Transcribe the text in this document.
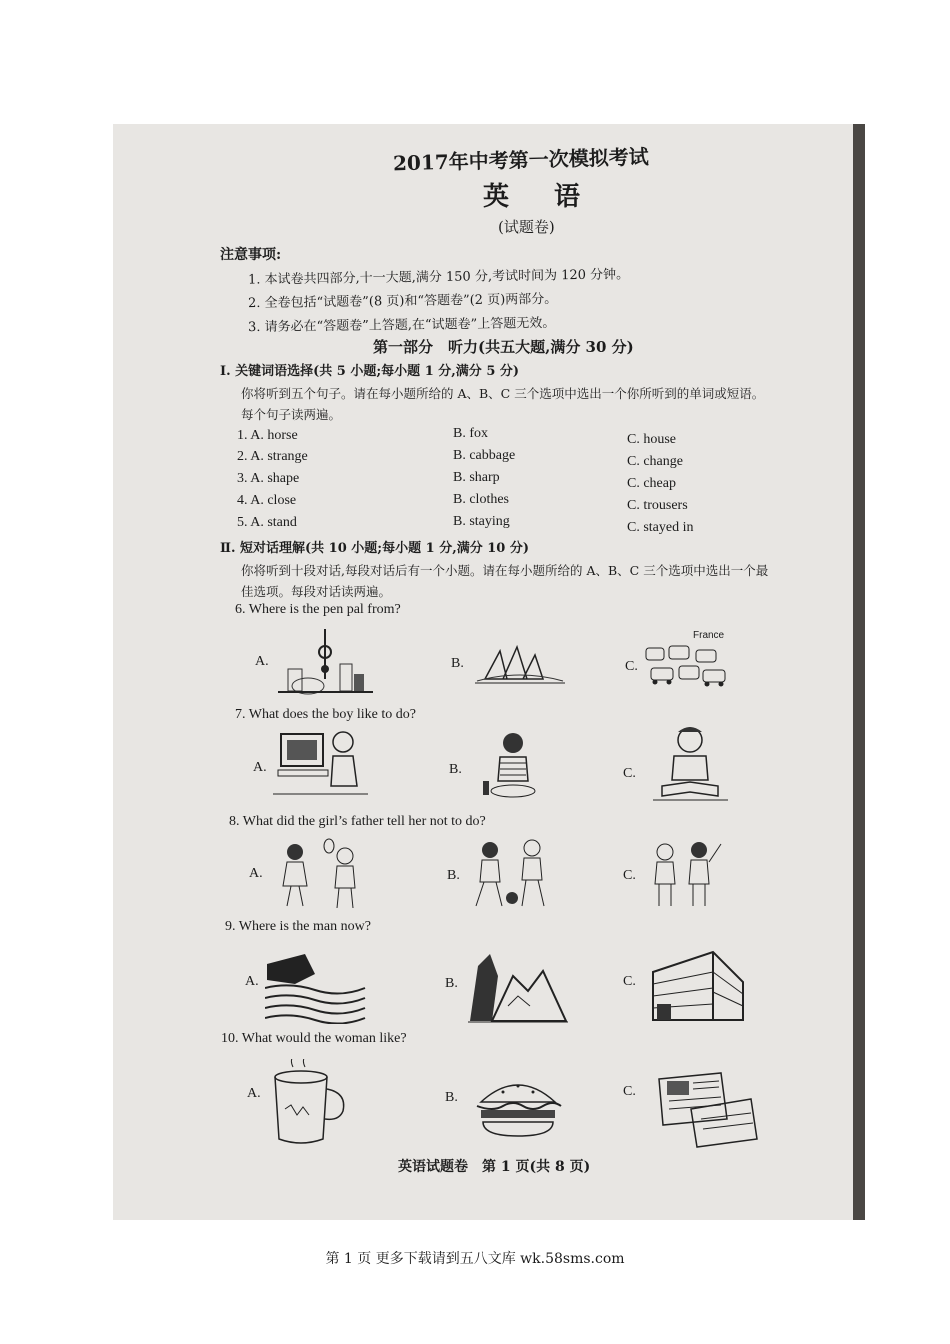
2017年中考第一次模拟考试
英 语
(试题卷)
注意事项:
1. 本试卷共四部分,十一大题,满分 150 分,考试时间为 120 分钟。
2. 全卷包括“试题卷”(8 页)和“答题卷”(2 页)两部分。
3. 请务必在“答题卷”上答题,在“试题卷”上答题无效。
第一部分　听力(共五大题,满分 30 分)
Ⅰ. 关键词语选择(共 5 小题;每小题 1 分,满分 5 分)
你将听到五个句子。请在每小题所给的 A、B、C 三个选项中选出一个你所听到的单词或短语。
每个句子读两遍。
1. A. horse	B. fox	C. house
2. A. strange	B. cabbage	C. change
3. A. shape	B. sharp	C. cheap
4. A. close	B. clothes	C. trousers
5. A. stand	B. staying	C. stayed in
Ⅱ. 短对话理解(共 10 小题;每小题 1 分,满分 10 分)
你将听到十段对话,每段对话后有一个小题。请在每小题所给的 A、B、C 三个选项中选出一个最
佳选项。每段对话读两遍。
6. Where is the pen pal from?
A.	B.	C.
France
7. What does the boy like to do?
A.	B.	C.
8. What did the girl’s father tell her not to do?
A.	B.	C.
9. Where is the man now?
A.	B.	C.
10. What would the woman like?
A.	B.	C.
英语试题卷　第 1 页(共 8 页)
第 1 页 更多下载请到五八文库 wk.58sms.com
